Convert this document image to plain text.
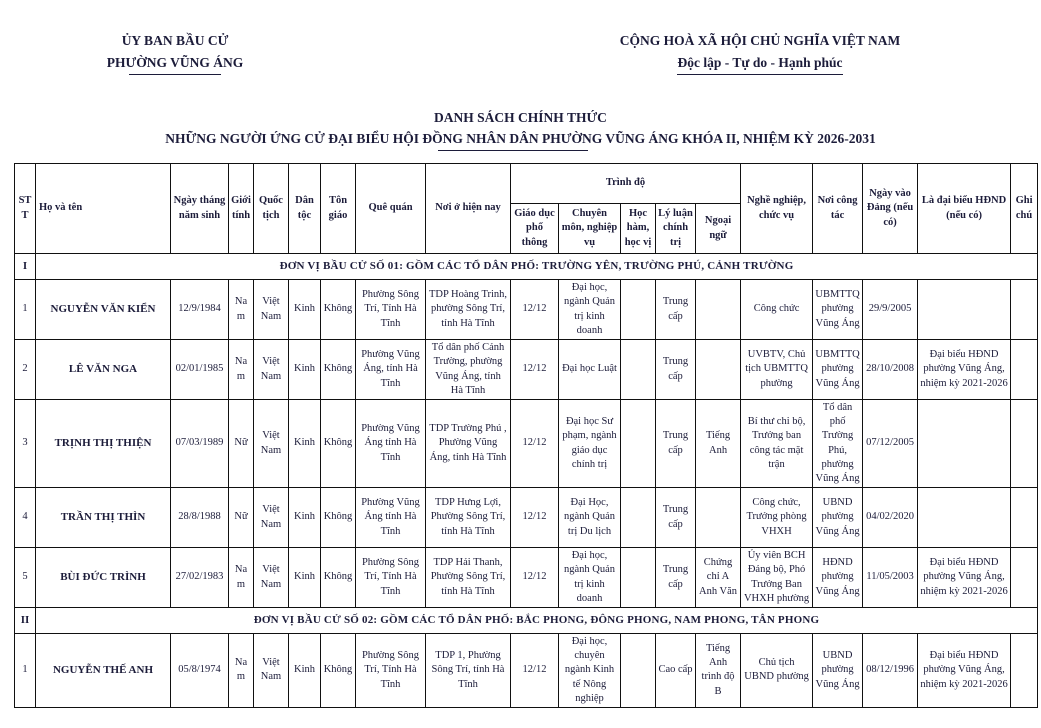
ỦY BAN BẦU CỬ
PHƯỜNG VŨNG ÁNG
CỘNG HOÀ XÃ HỘI CHỦ NGHĨA VIỆT NAM
Độc lập - Tự do - Hạnh phúc
DANH SÁCH CHÍNH THỨC
NHỮNG NGƯỜI ỨNG CỬ ĐẠI BIỂU HỘI ĐỒNG NHÂN DÂN PHƯỜNG VŨNG ÁNG KHÓA II, NHIỆM KỲ 2026-2031
STT	Họ và tên	Ngày tháng năm sinh	Giới tính	Quốc tịch	Dân tộc	Tôn giáo	Quê quán	Nơi ở hiện nay	Trình độ					Nghề nghiệp, chức vụ	Nơi công tác	Ngày vào Đảng (nếu có)	Là đại biểu HĐND (nếu có)	Ghi chú
									Giáo dục phổ thông	Chuyên môn, nghiệp vụ	Học hàm, học vị	Lý luận chính trị	Ngoại ngữ					
I	ĐƠN VỊ BẦU CỬ SỐ 01: GỒM CÁC TỔ DÂN PHỐ: TRƯỜNG YÊN, TRƯỜNG PHÚ, CẢNH TRƯỜNG																	
1	NGUYỄN VĂN KIỂN	12/9/1984	Nam	Việt Nam	Kinh	Không	Phường Sông Trí, Tỉnh Hà Tĩnh	TDP Hoàng Trinh, phường Sông Trí, tỉnh Hà Tĩnh	12/12	Đại học, ngành Quản trị kinh doanh		Trung cấp		Công chức	UBMTTQ phường Vũng Áng	29/9/2005		
2	LÊ VĂN NGA	02/01/1985	Nam	Việt Nam	Kinh	Không	Phường Vũng Áng, tỉnh Hà Tĩnh	Tổ dân phố Cảnh Trường, phường Vũng Áng, tỉnh Hà Tĩnh	12/12	Đại học Luật		Trung cấp		UVBTV, Chủ tịch UBMTTQ phường	UBMTTQ phường Vũng Áng	28/10/2008	Đại biểu HĐND phường Vũng Áng, nhiệm kỳ 2021-2026	
3	TRỊNH THỊ THIỆN	07/03/1989	Nữ	Việt Nam	Kinh	Không	Phường Vũng Áng tỉnh Hà Tĩnh	TDP Trường Phú , Phường Vũng Áng, tỉnh Hà Tĩnh	12/12	Đại học Sư phạm, ngành giáo dục chính trị		Trung cấp	Tiếng Anh	Bí thư chi bộ, Trưởng ban công tác mặt trận	Tổ dân phố Trường Phú, phường Vũng Áng	07/12/2005		
4	TRẦN THỊ THÌN	28/8/1988	Nữ	Việt Nam	Kinh	Không	Phường Vũng Áng tỉnh Hà Tĩnh	TDP Hưng Lợi, Phường Sông Trí, tỉnh Hà Tĩnh	12/12	Đại Học, ngành Quản trị Du lịch		Trung cấp		Công chức, Trưởng phòng VHXH	UBND phường Vũng Áng	04/02/2020		
5	BÙI ĐỨC TRÌNH	27/02/1983	Nam	Việt Nam	Kinh	Không	Phường Sông Trí, Tỉnh Hà Tĩnh	TDP Hải Thanh, Phường Sông Trí, tỉnh Hà Tĩnh	12/12	Đại học, ngành Quản trị kinh doanh		Trung cấp	Chứng chỉ A Anh Văn	Ủy viên BCH Đảng bộ, Phó Trưởng Ban VHXH phường	HĐND phường Vũng Áng	11/05/2003	Đại biểu HĐND phường Vũng Áng, nhiệm kỳ 2021-2026	
II	ĐƠN VỊ BẦU CỬ SỐ 02: GỒM CÁC TỔ DÂN PHỐ: BẮC PHONG, ĐÔNG PHONG, NAM PHONG, TÂN PHONG																	
1	NGUYỄN THẾ ANH	05/8/1974	Nam	Việt Nam	Kinh	Không	Phường Sông Trí, Tỉnh Hà Tĩnh	TDP 1, Phường Sông Trí, tỉnh Hà Tĩnh	12/12	Đại học, chuyên ngành Kinh tế Nông nghiệp		Cao cấp	Tiếng Anh trình độ B	Chủ tịch UBND phường	UBND phường Vũng Áng	08/12/1996	Đại biểu HĐND phường Vũng Áng, nhiệm kỳ 2021-2026	
